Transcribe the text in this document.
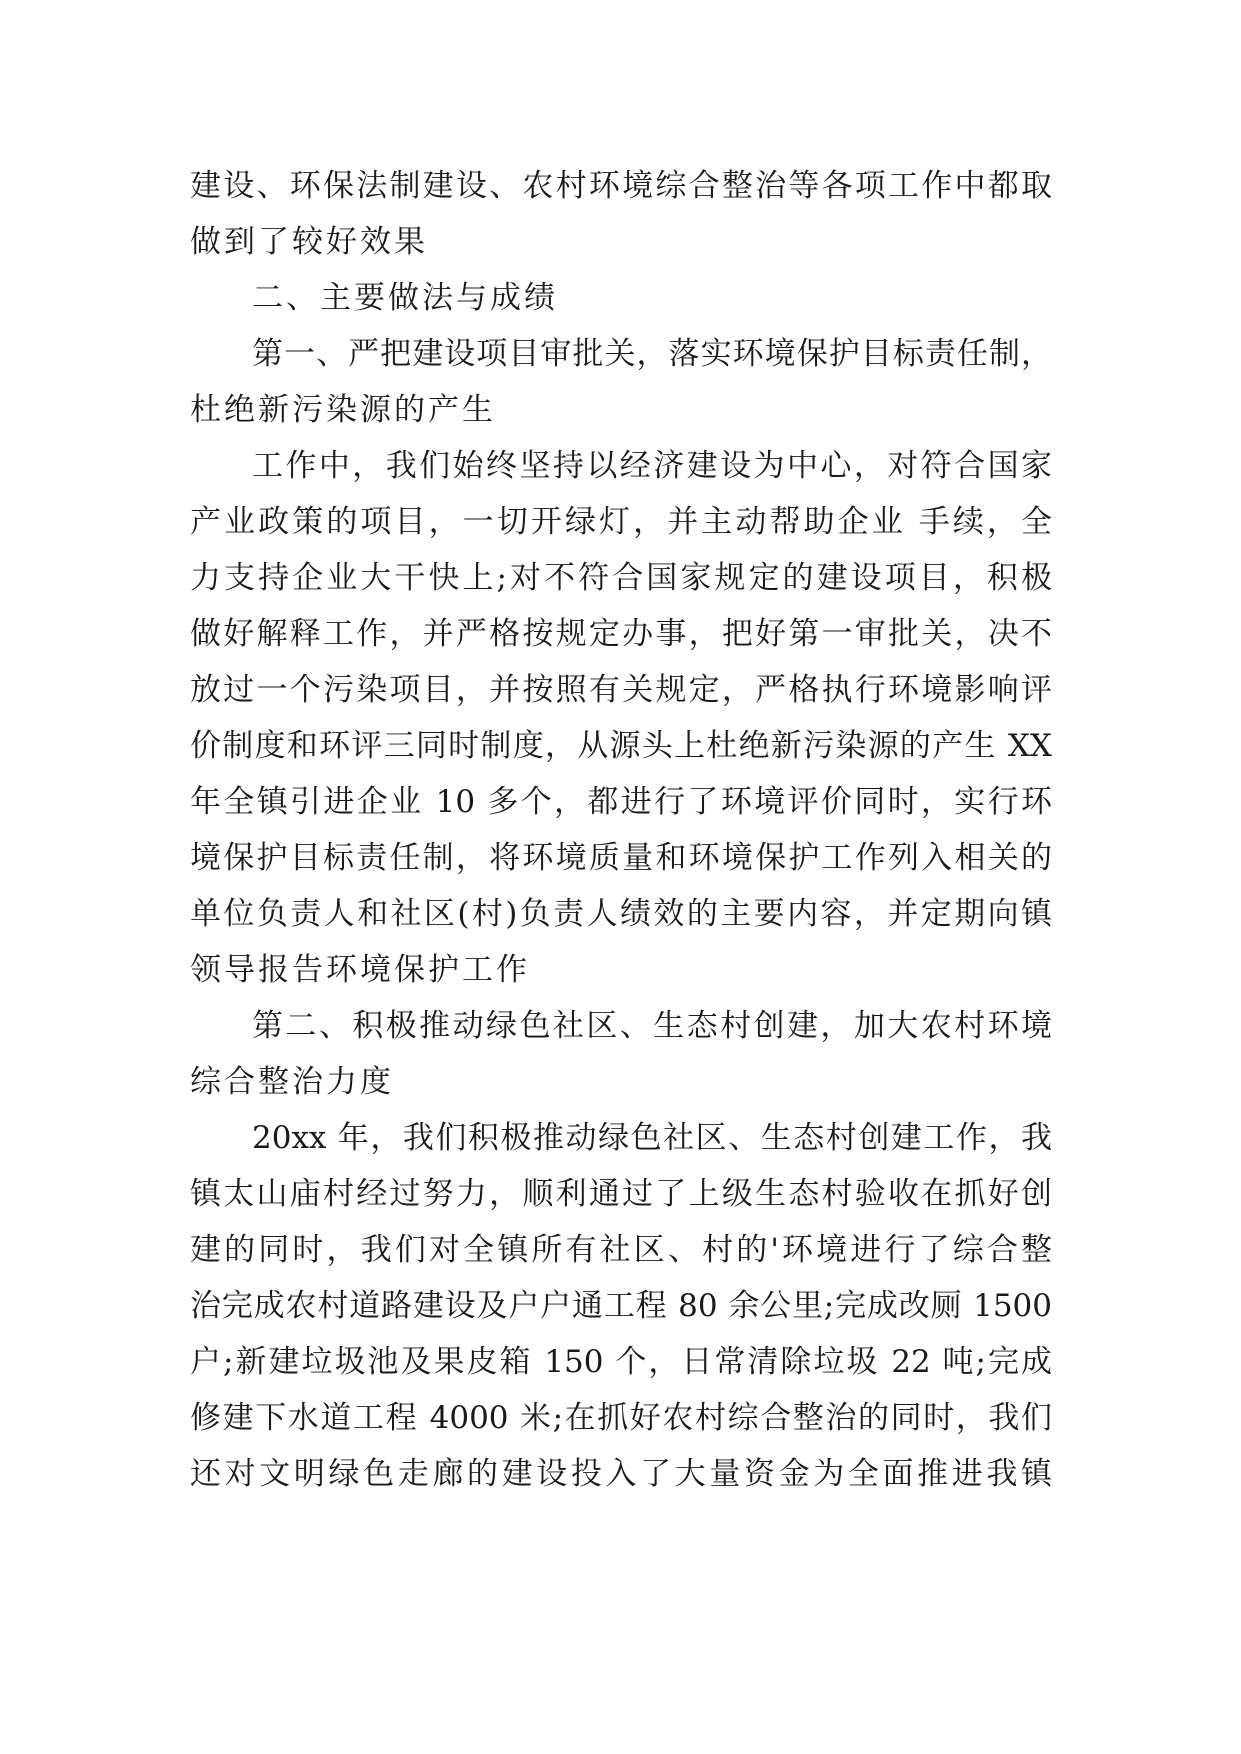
建设、环保法制建设、农村环境综合整治等各项工作中都取
做到了较好效果
二、主要做法与成绩
第一、严把建设项目审批关，落实环境保护目标责任制，
杜绝新污染源的产生
工作中，我们始终坚持以经济建设为中心，对符合国家
产业政策的项目，一切开绿灯，并主动帮助企业 手续，全
力支持企业大干快上;对不符合国家规定的建设项目，积极
做好解释工作，并严格按规定办事，把好第一审批关，决不
放过一个污染项目，并按照有关规定，严格执行环境影响评
价制度和环评三同时制度，从源头上杜绝新污染源的产生 XX
年全镇引进企业 10 多个，都进行了环境评价同时，实行环
境保护目标责任制，将环境质量和环境保护工作列入相关的
单位负责人和社区(村)负责人绩效的主要内容，并定期向镇
领导报告环境保护工作
第二、积极推动绿色社区、生态村创建，加大农村环境
综合整治力度
20xx 年，我们积极推动绿色社区、生态村创建工作，我
镇太山庙村经过努力，顺利通过了上级生态村验收在抓好创
建的同时，我们对全镇所有社区、村的'环境进行了综合整
治完成农村道路建设及户户通工程 80 余公里;完成改厕 1500
户;新建垃圾池及果皮箱 150 个，日常清除垃圾 22 吨;完成
修建下水道工程 4000 米;在抓好农村综合整治的同时，我们
还对文明绿色走廊的建设投入了大量资金为全面推进我镇
